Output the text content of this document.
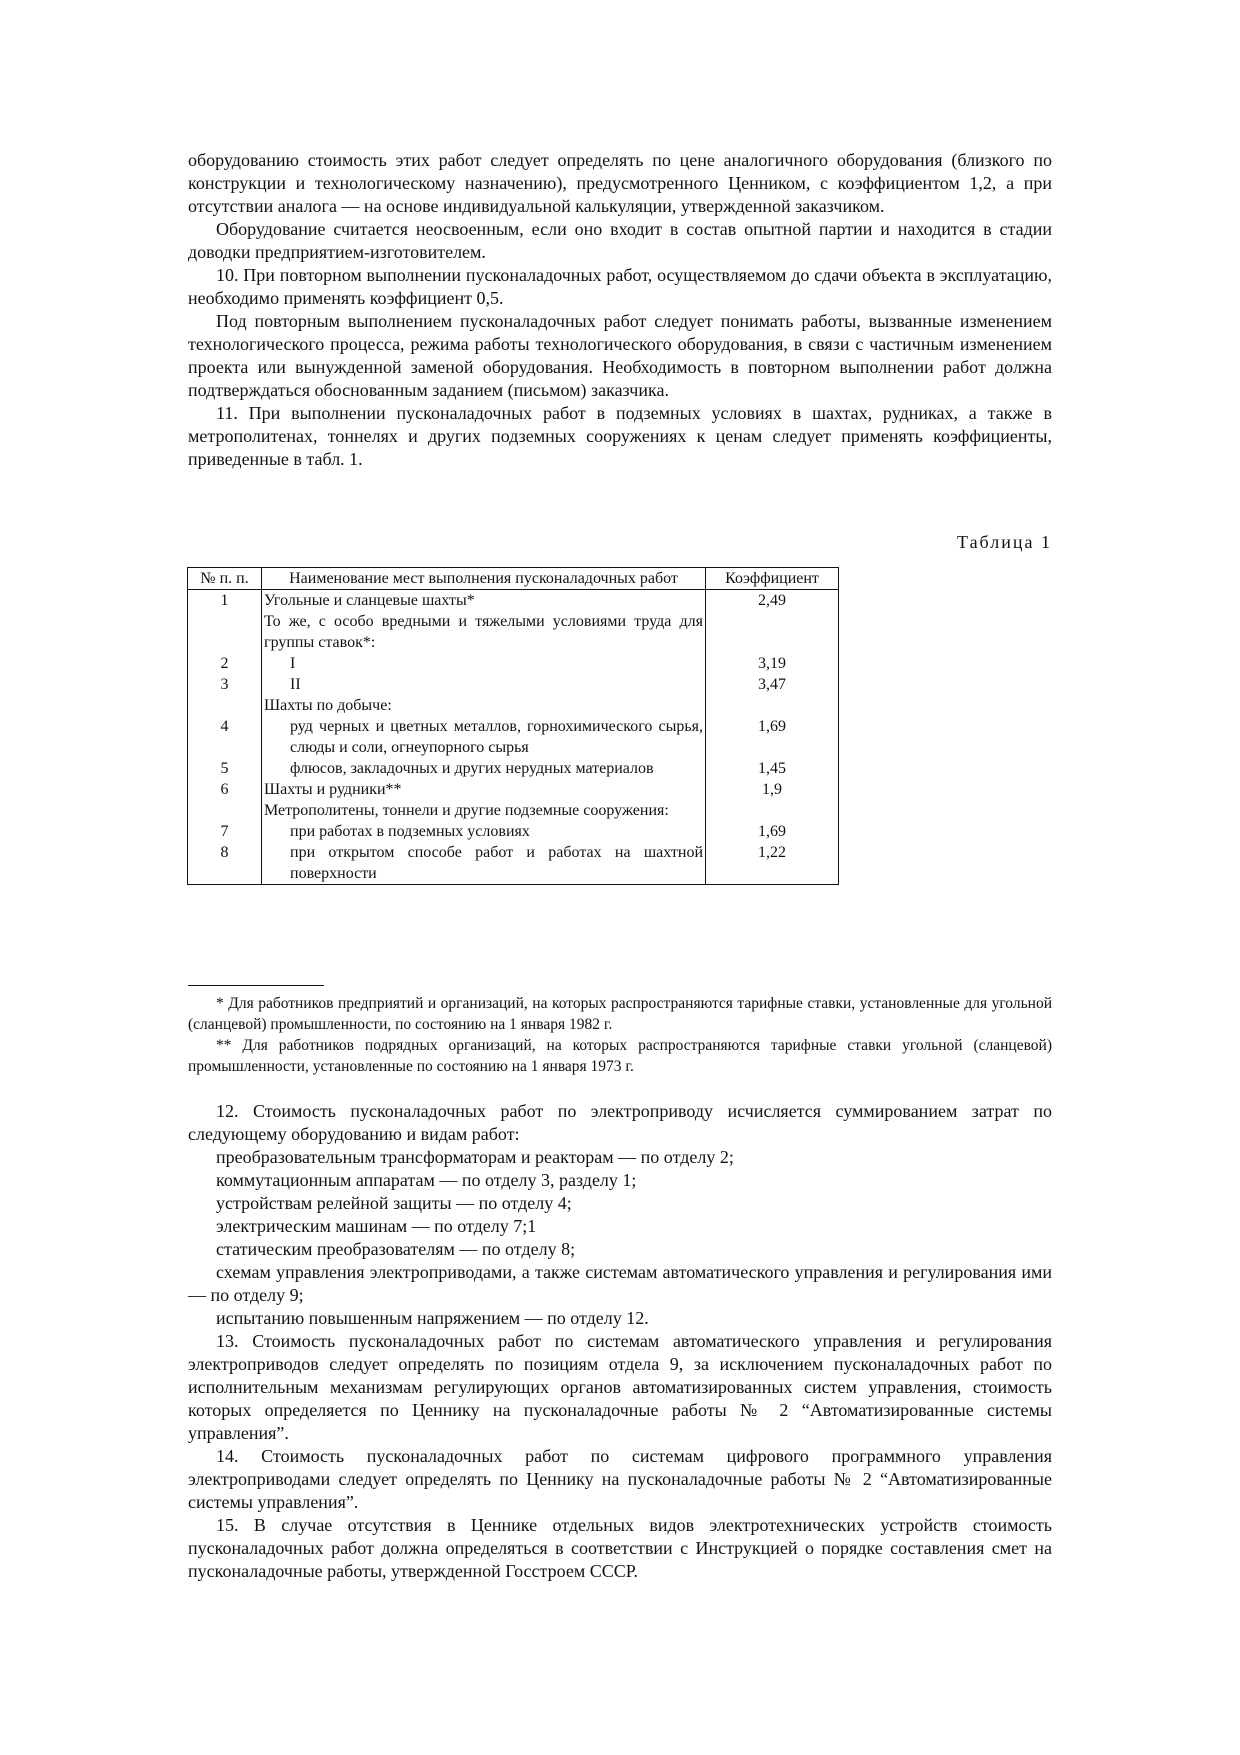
оборудованию стоимость этих работ следует определять по цене аналогичного оборудования (близкого по конструкции и технологическому назначению), предусмотренного Ценником, с коэффициентом 1,2, а при отсутствии аналога — на основе индивидуальной калькуляции, утвержденной заказчиком.

Оборудование считается неосвоенным, если оно входит в состав опытной партии и находится в стадии доводки предприятием-изготовителем.

10. При повторном выполнении пусконаладочных работ, осуществляемом до сдачи объекта в эксплуатацию, необходимо применять коэффициент 0,5.

Под повторным выполнением пусконаладочных работ следует понимать работы, вызванные изменением технологического процесса, режима работы технологического оборудования, в связи с частичным изменением проекта или вынужденной заменой оборудования. Необходимость в повторном выполнении работ должна подтверждаться обоснованным заданием (письмом) заказчика.

11. При выполнении пусконаладочных работ в подземных условиях в шахтах, рудниках, а также в метрополитенах, тоннелях и других подземных сооружениях к ценам следует применять коэффициенты, приведенные в табл. 1.

Таблица 1
№ п. п.	Наименование мест выполнения пусконаладочных работ	Коэффициент
1	Угольные и сланцевые шахты*	2,49
	То же, с особо вредными и тяжелыми условиями труда для группы ставок*:	
2	I	3,19
3	II	3,47
	Шахты по добыче:	
4	руд черных и цветных металлов, горнохимического сырья, слюды и соли, огнеупорного сырья	1,69
5	флюсов, закладочных и других нерудных материалов	1,45
6	Шахты и рудники**	1,9
	Метрополитены, тоннели и другие подземные сооружения:	
7	при работах в подземных условиях	1,69
8	при открытом способе работ и работах на шахтной поверхности	1,22

* Для работников предприятий и организаций, на которых распространяются тарифные ставки, установленные для угольной (сланцевой) промышленности, по состоянию на 1 января 1982 г.

** Для работников подрядных организаций, на которых распространяются тарифные ставки угольной (сланцевой) промышленности, установленные по состоянию на 1 января 1973 г.

12. Стоимость пусконаладочных работ по электроприводу исчисляется суммированием затрат по следующему оборудованию и видам работ:

преобразовательным трансформаторам и реакторам — по отделу 2;

коммутационным аппаратам — по отделу 3, разделу 1;

устройствам релейной защиты — по отделу 4;

электрическим машинам — по отделу 7;1

статическим преобразователям — по отделу 8;

схемам управления электроприводами, а также системам автоматического управления и регулирования ими — по отделу 9;

испытанию повышенным напряжением — по отделу 12.

13. Стоимость пусконаладочных работ по системам автоматического управления и регулирования электроприводов следует определять по позициям отдела 9, за исключением пусконаладочных работ по исполнительным механизмам регулирующих органов автоматизированных систем управления, стоимость которых определяется по Ценнику на пусконаладочные работы № 2 “Автоматизированные системы управления”.

14. Стоимость пусконаладочных работ по системам цифрового программного управления электроприводами следует определять по Ценнику на пусконаладочные работы № 2 “Автоматизированные системы управления”.

15. В случае отсутствия в Ценнике отдельных видов электротехнических устройств стоимость пусконаладочных работ должна определяться в соответствии с Инструкцией о порядке составления смет на пусконаладочные работы, утвержденной Госстроем СССР.
